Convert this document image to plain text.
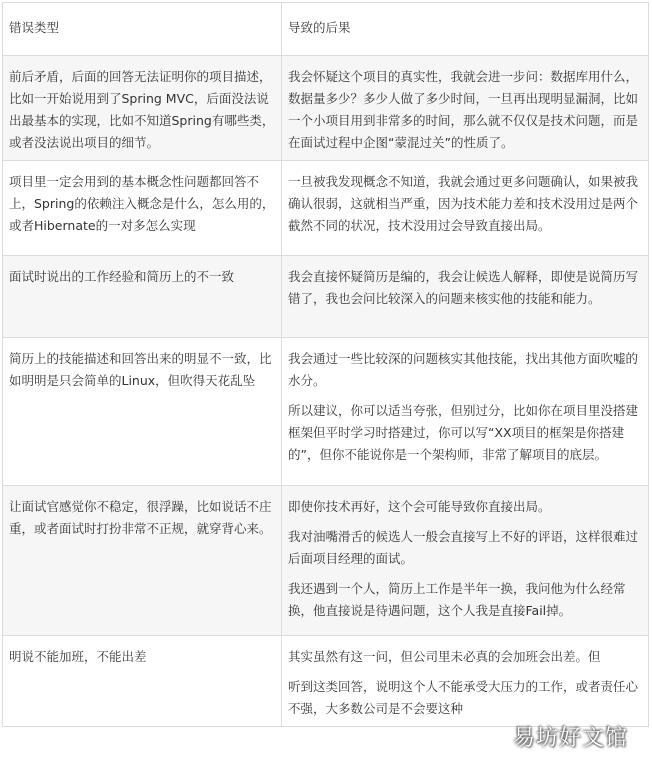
错误类型	导致的后果
前后矛盾，后面的回答无法证明你的项目描述，比如一开始说用到了Spring MVC，后面没法说出最基本的实现，比如不知道Spring有哪些类，或者没法说出项目的细节。	我会怀疑这个项目的真实性，我就会进一步问：数据库用什么，数据量多少？多少人做了多少时间，一旦再出现明显漏洞，比如一个小项目用到非常多的时间，那么就不仅仅是技术问题，而是在面试过程中企图“蒙混过关”的性质了。

项目里一定会用到的基本概念性问题都回答不上，Spring的依赖注入概念是什么，怎么用的，或者Hibernate的一对多怎么实现	一旦被我发现概念不知道，我就会通过更多问题确认，如果被我确认很弱，这就相当严重，因为技术能力差和技术没用过是两个截然不同的状况，技术没用过会导致直接出局。

面试时说出的工作经验和简历上的不一致	我会直接怀疑简历是编的，我会让候选人解释，即使是说简历写错了，我也会问比较深入的问题来核实他的技能和能力。

简历上的技能描述和回答出来的明显不一致，比如明明是只会简单的Linux，但吹得天花乱坠	我会通过一些比较深的问题核实其他技能，找出其他方面吹嘘的水分。
所以建议，你可以适当夸张，但别过分，比如你在项目里没搭建框架但平时学习时搭建过，你可以写“XX项目的框架是你搭建的”，但你不能说你是一个架构师，非常了解项目的底层。

让面试官感觉你不稳定，很浮躁，比如说话不庄重，或者面试时打扮非常不正规，就穿背心来。	即使你技术再好，这个会可能导致你直接出局。
我对油嘴滑舌的候选人一般会直接写上不好的评语，这样很难过后面项目经理的面试。
我还遇到一个人，简历上工作是半年一换，我问他为什么经常换，他直接说是待遇问题，这个人我是直接Fail掉。

明说不能加班，不能出差	其实虽然有这一问，但公司里未必真的会加班会出差。但
听到这类回答，说明这个人不能承受大压力的工作，或者责任心不强，大多数公司是不会要这种
易坊好文馆
